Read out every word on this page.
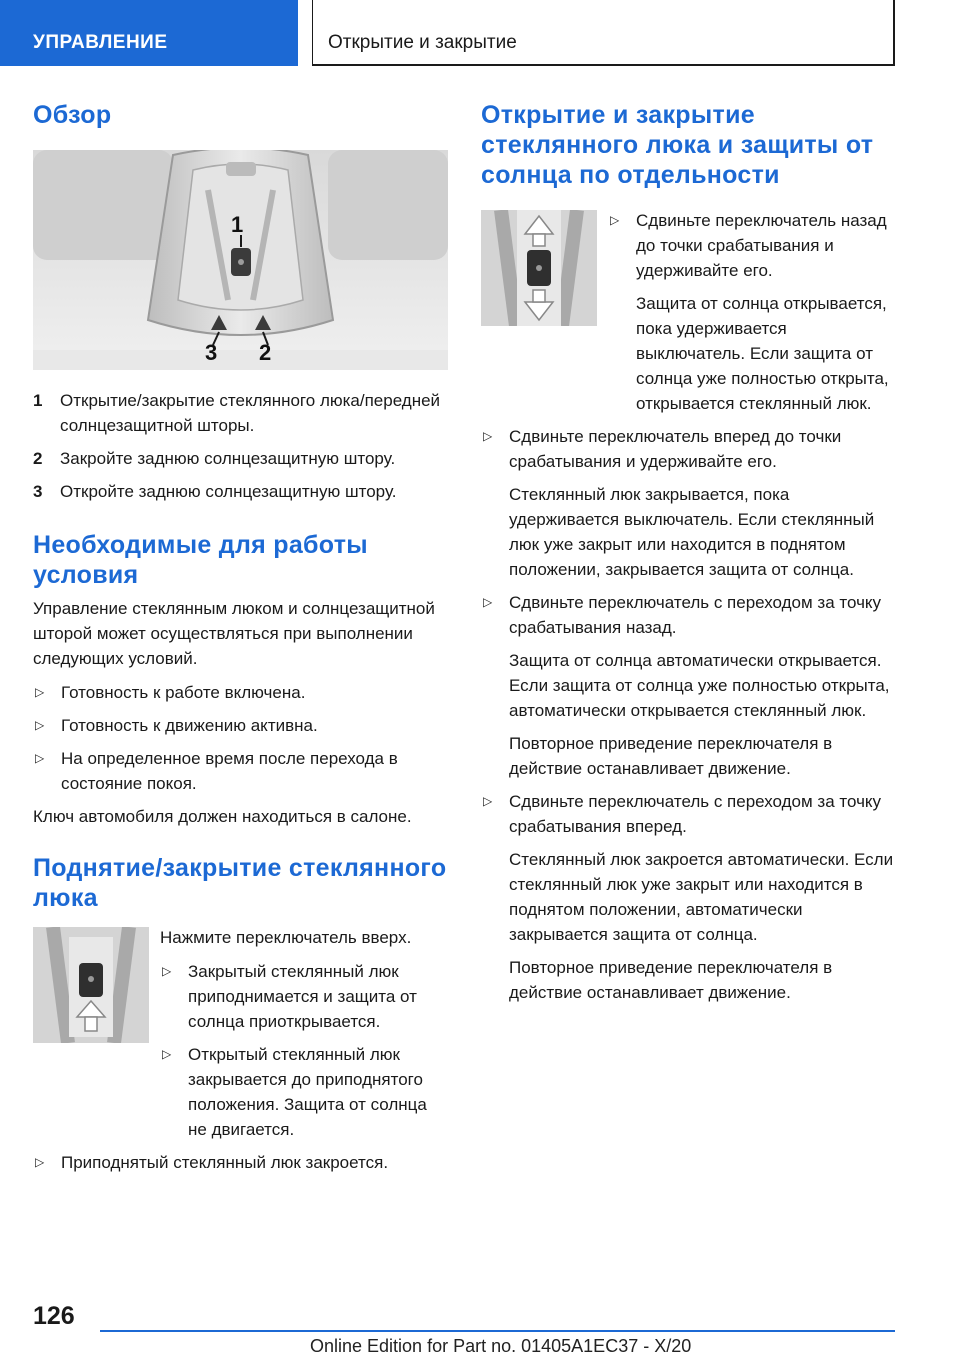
УПРАВЛЕНИЕ	Открытие и закрытие
Обзор
1
3 2
1	Открытие/закрытие стеклянного люка/передней солнцезащитной шторы.
2	Закройте заднюю солнцезащитную штору.
3	Откройте заднюю солнцезащитную штору.
Необходимые для работы условия
Управление стеклянным люком и солнцезащитной шторой может осуществляться при выполнении следующих условий.
▷ Готовность к работе включена.
▷ Готовность к движению активна.
▷ На определенное время после перехода в состояние покоя.
Ключ автомобиля должен находиться в салоне.
Поднятие/закрытие стеклянного люка
Нажмите переключатель вверх.
▷ Закрытый стеклянный люк приподнимается и защита от солнца приоткрывается.
▷ Открытый стеклянный люк закрывается до приподнятого положения. Защита от солнца не двигается.
▷ Приподнятый стеклянный люк закроется.
Открытие и закрытие стеклянного люка и защиты от солнца по отдельности
▷ Сдвиньте переключатель назад до точки срабатывания и удерживайте его.
Защита от солнца открывается, пока удерживается выключатель. Если защита от солнца уже полностью открыта, открывается стеклянный люк.
▷ Сдвиньте переключатель вперед до точки срабатывания и удерживайте его.
Стеклянный люк закрывается, пока удерживается выключатель. Если стеклянный люк уже закрыт или находится в поднятом положении, закрывается защита от солнца.
▷ Сдвиньте переключатель с переходом за точку срабатывания назад.
Защита от солнца автоматически открывается. Если защита от солнца уже полностью открыта, автоматически открывается стеклянный люк.
Повторное приведение переключателя в действие останавливает движение.
▷ Сдвиньте переключатель с переходом за точку срабатывания вперед.
Стеклянный люк закроется автоматически. Если стеклянный люк уже закрыт или находится в поднятом положении, автоматически закрывается защита от солнца.
Повторное приведение переключателя в действие останавливает движение.
126
Online Edition for Part no. 01405A1EC37 - X/20
